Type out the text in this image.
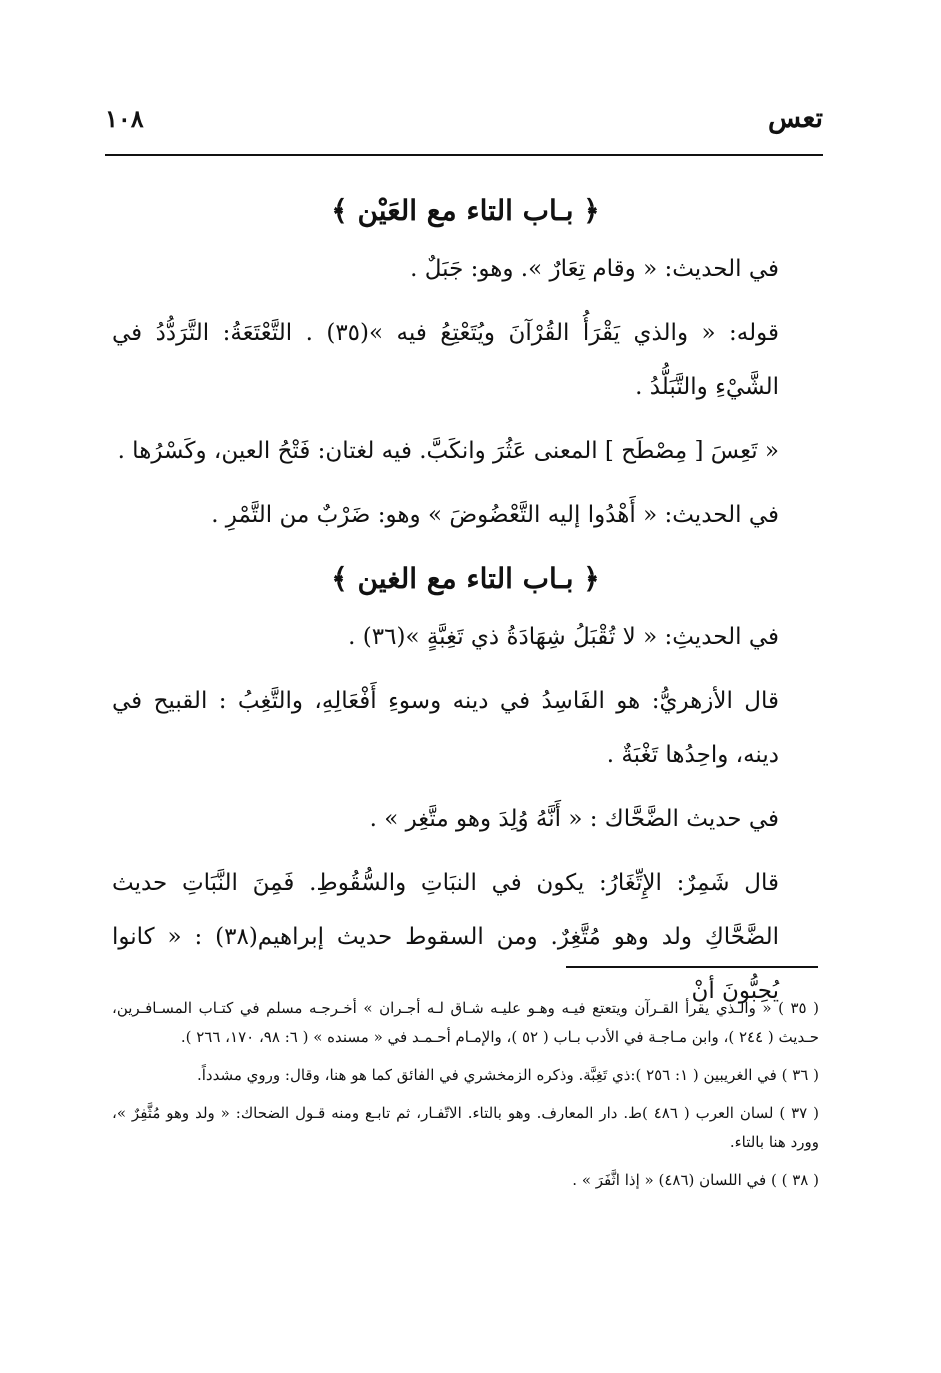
تعس
١٠٨
﴿ بـاب التاء مع العَيْن ﴾

في الحديث: « وقام تِعَارٌ ». وهو: جَبَلٌ .

قوله: « والذي يَقْرَأُ القُرْآنَ ويُتَعْتِعُ فيه »(٣٥) . التَّعْتَعَةُ: التَّرَدُّدُ في الشَّيْءِ والتَّبَلُّدُ .

« تَعِسَ [ مِصْطَح ] المعنى عَثُرَ وانكَبَّ. فيه لغتان: فَتْحُ العين، وكَسْرُها .

في الحديث: « أَهْدُوا إليه التَّعْضُوضَ » وهو: ضَرْبٌ من التَّمْرِ .

﴿ بـاب التاء مع الغين ﴾

في الحديثِ: « لا تُقْبَلُ شِهَادَةُ ذي تَغِبَّةٍ »(٣٦) .

قال الأزهريُّ: هو الفَاسِدُ في دينه وسوءِ أَفْعَالِهِ، والتَّغِبُ : القبيح في دينه، واحِدُها تَغْبَةٌ .

في حديث الضَّحَّاك : « أَنَّهُ وُلِدَ وهو متَّغِر » .

قال شَمِرٌ: الإِتِّغَارُ: يكون في النبَاتِ والسُّقُوطِ. فَمِنَ النَّبَاتِ حديث الضَّحَّاكِ ولد وهو مُتَّغِرٌ. ومن السقوط حديث إبراهيم(٣٨) : « كانوا يُحِبُّونَ أنْ

( ٣٥ ) « والـذي يقرأ القـرآن ويتعتع فيـه وهـو عليـه شـاق لـه أجـران » أخـرجـه مسلم في كتـاب المسـافـرين، حـديث ( ٢٤٤ )، وابن مـاجـة في الأدب بـاب ( ٥٢ )، والإمـام أحـمـد في « مسنده » ( ٦: ٩٨، ١٧٠، ٢٦٦ ).

( ٣٦ ) في الغريبين ( ١: ٢٥٦ ):ذي تَغِبَّة. وذكره الزمخشري في الفائق كما هو هنا، وقال: وروي مشدداً.

( ٣٧ ) لسان العرب ( ٤٨٦ )ط. دار المعارف. وهو بالتاء. الاتّفـار، ثم تابـع ومنه قـول الضحاك: « ولد وهو مُثَّفِرٌ »، وورد هنا بالتاء.

( ٣٨ ) ) في اللسان (٤٨٦) « إذا اثَّفَرَ » .
